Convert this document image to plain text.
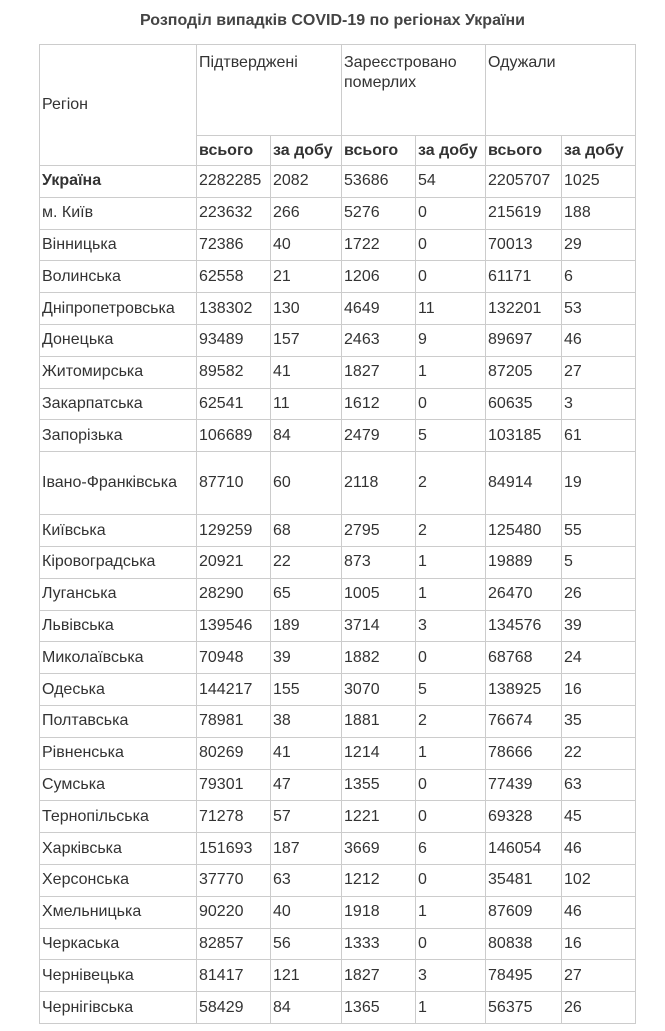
Розподіл випадків COVID-19 по регіонах України
Регіон	Підтверджені		Зареєстровано померлих		Одужали	
	всього	за добу	всього	за добу	всього	за добу
Україна	2282285	2082	53686	54	2205707	1025
м. Київ	223632	266	5276	0	215619	188
Вінницька	72386	40	1722	0	70013	29
Волинська	62558	21	1206	0	61171	6
Дніпропетровська	138302	130	4649	11	132201	53
Донецька	93489	157	2463	9	89697	46
Житомирська	89582	41	1827	1	87205	27
Закарпатська	62541	11	1612	0	60635	3
Запорізька	106689	84	2479	5	103185	61
Івано-Франківська	87710	60	2118	2	84914	19
Київська	129259	68	2795	2	125480	55
Кіровоградська	20921	22	873	1	19889	5
Луганська	28290	65	1005	1	26470	26
Львівська	139546	189	3714	3	134576	39
Миколаївська	70948	39	1882	0	68768	24
Одеська	144217	155	3070	5	138925	16
Полтавська	78981	38	1881	2	76674	35
Рівненська	80269	41	1214	1	78666	22
Сумська	79301	47	1355	0	77439	63
Тернопільська	71278	57	1221	0	69328	45
Харківська	151693	187	3669	6	146054	46
Херсонська	37770	63	1212	0	35481	102
Хмельницька	90220	40	1918	1	87609	46
Черкаська	82857	56	1333	0	80838	16
Чернівецька	81417	121	1827	3	78495	27
Чернігівська	58429	84	1365	1	56375	26
